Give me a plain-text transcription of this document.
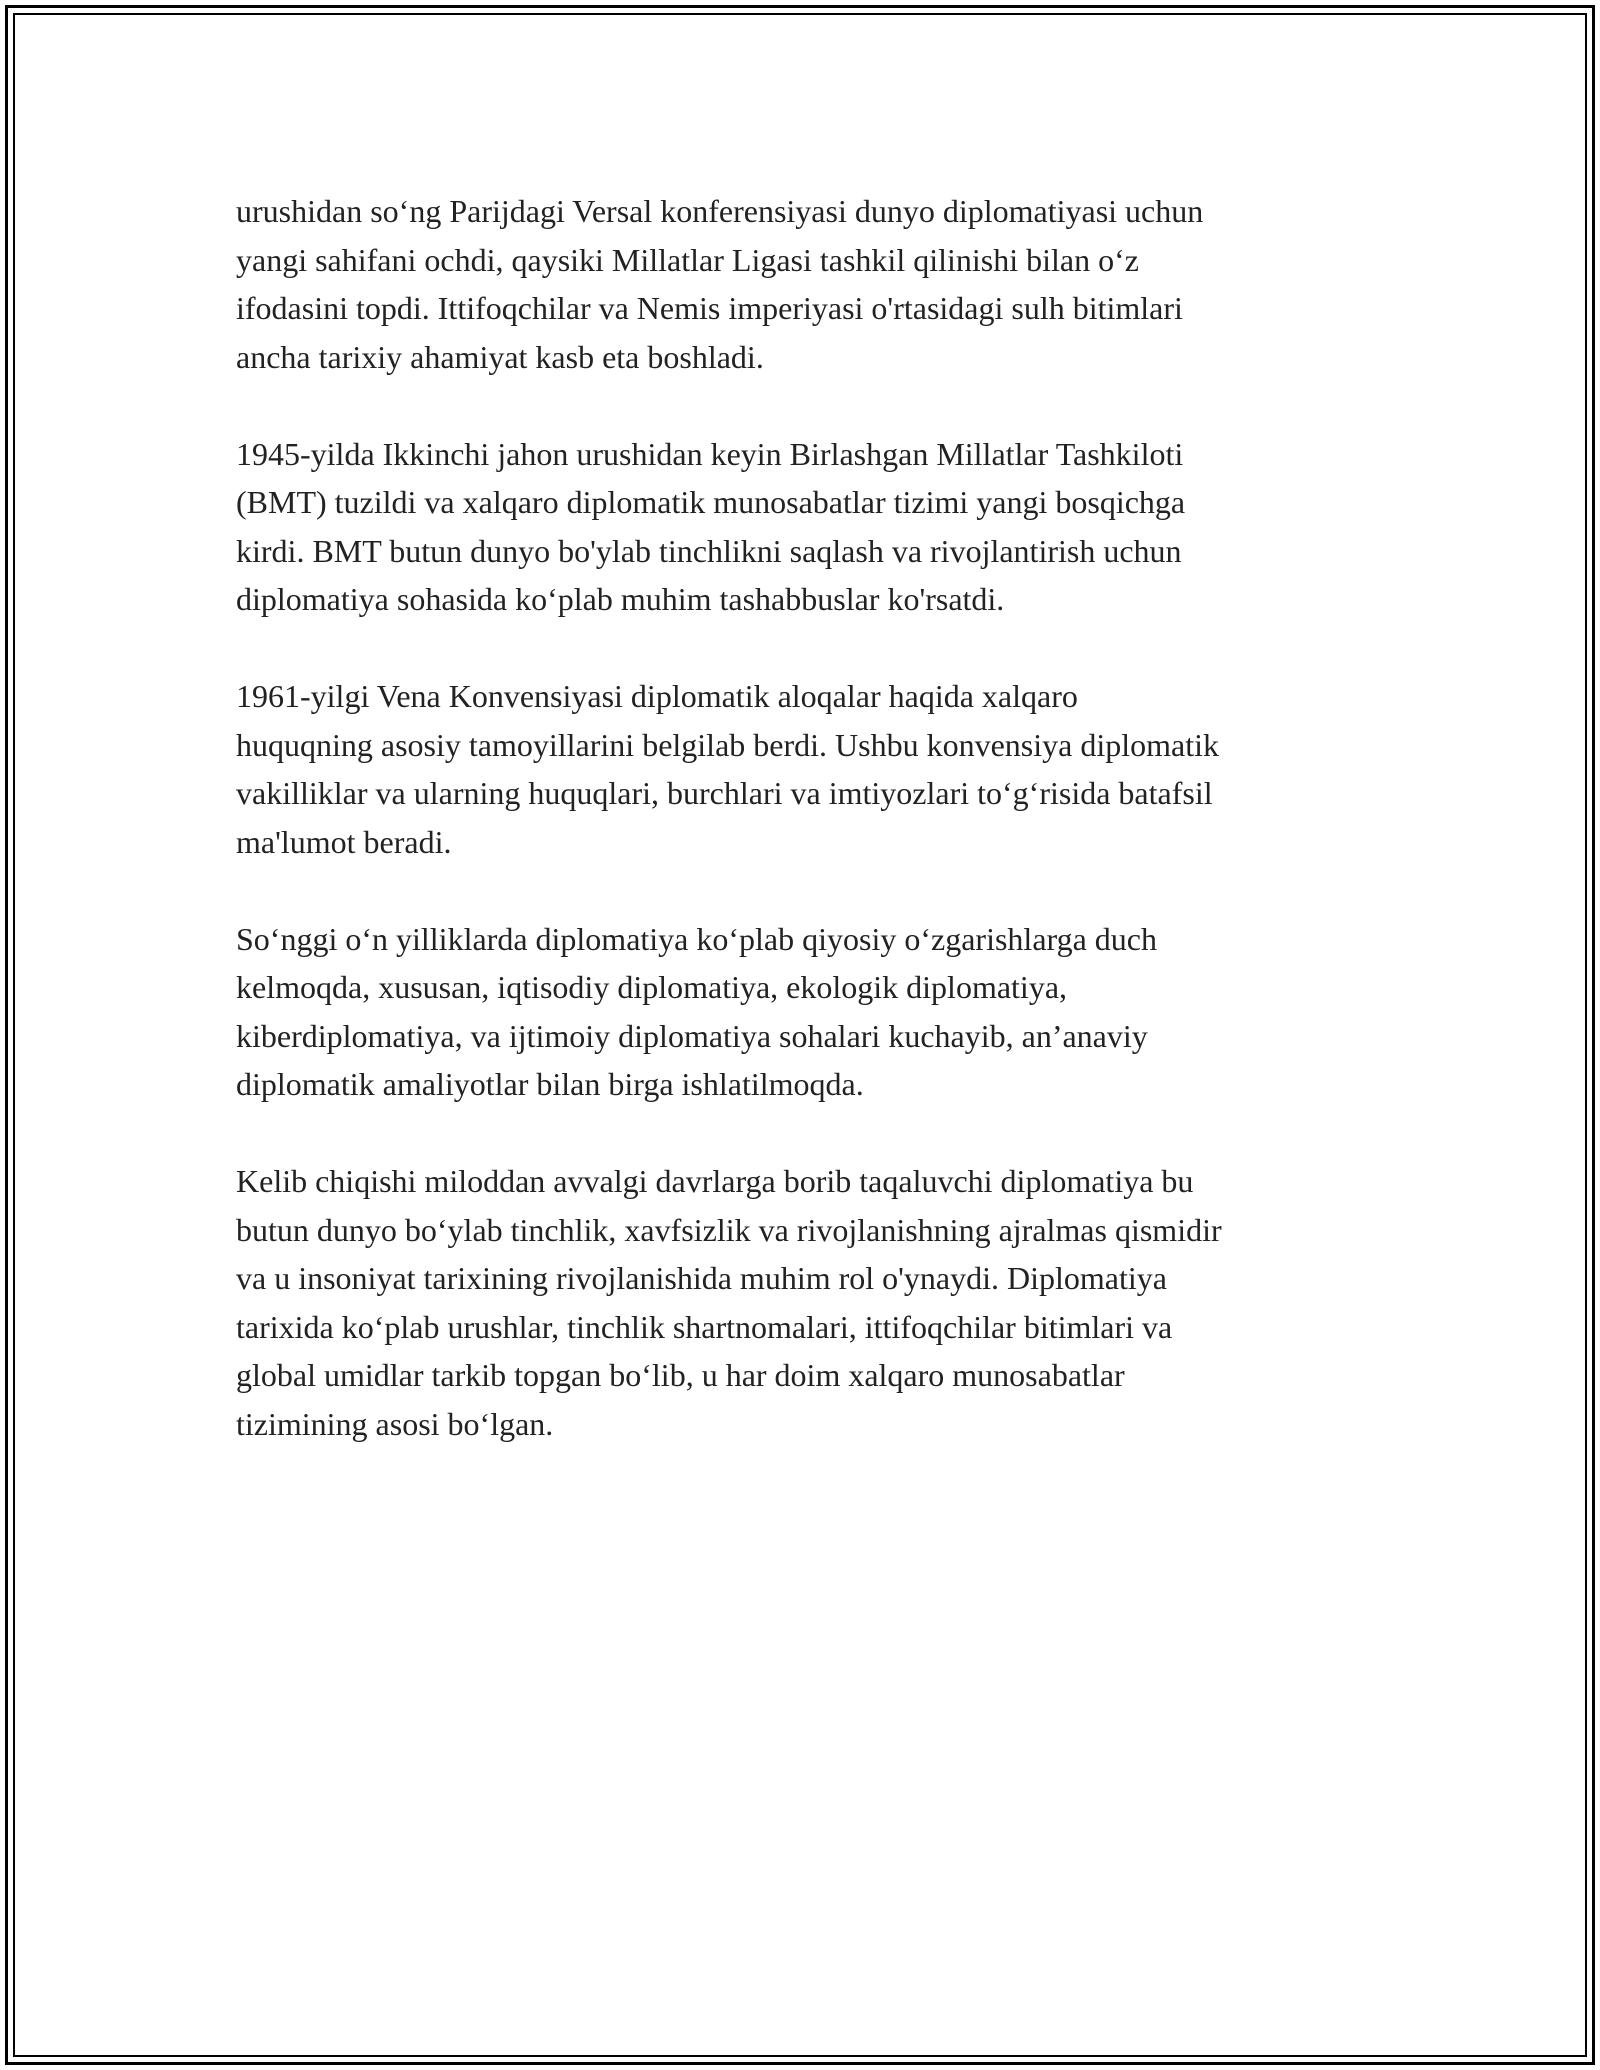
urushidan so‘ng Parijdagi Versal konferensiyasi dunyo diplomatiyasi uchun
yangi sahifani ochdi, qaysiki Millatlar Ligasi tashkil qilinishi bilan o‘z
ifodasini topdi. Ittifoqchilar va Nemis imperiyasi o'rtasidagi sulh bitimlari
ancha tarixiy ahamiyat kasb eta boshladi.

1945-yilda Ikkinchi jahon urushidan keyin Birlashgan Millatlar Tashkiloti
(BMT) tuzildi va xalqaro diplomatik munosabatlar tizimi yangi bosqichga
kirdi. BMT butun dunyo bo'ylab tinchlikni saqlash va rivojlantirish uchun
diplomatiya sohasida ko‘plab muhim tashabbuslar ko'rsatdi.

1961-yilgi Vena Konvensiyasi diplomatik aloqalar haqida xalqaro
huquqning asosiy tamoyillarini belgilab berdi. Ushbu konvensiya diplomatik
vakilliklar va ularning huquqlari, burchlari va imtiyozlari to‘g‘risida batafsil
ma'lumot beradi.

So‘nggi o‘n yilliklarda diplomatiya ko‘plab qiyosiy o‘zgarishlarga duch
kelmoqda, xususan, iqtisodiy diplomatiya, ekologik diplomatiya,
kiberdiplomatiya, va ijtimoiy diplomatiya sohalari kuchayib, an’anaviy
diplomatik amaliyotlar bilan birga ishlatilmoqda.

Kelib chiqishi miloddan avvalgi davrlarga borib taqaluvchi diplomatiya bu
butun dunyo bo‘ylab tinchlik, xavfsizlik va rivojlanishning ajralmas qismidir
va u insoniyat tarixining rivojlanishida muhim rol o'ynaydi. Diplomatiya
tarixida ko‘plab urushlar, tinchlik shartnomalari, ittifoqchilar bitimlari va
global umidlar tarkib topgan bo‘lib, u har doim xalqaro munosabatlar
tizimining asosi bo‘lgan.
